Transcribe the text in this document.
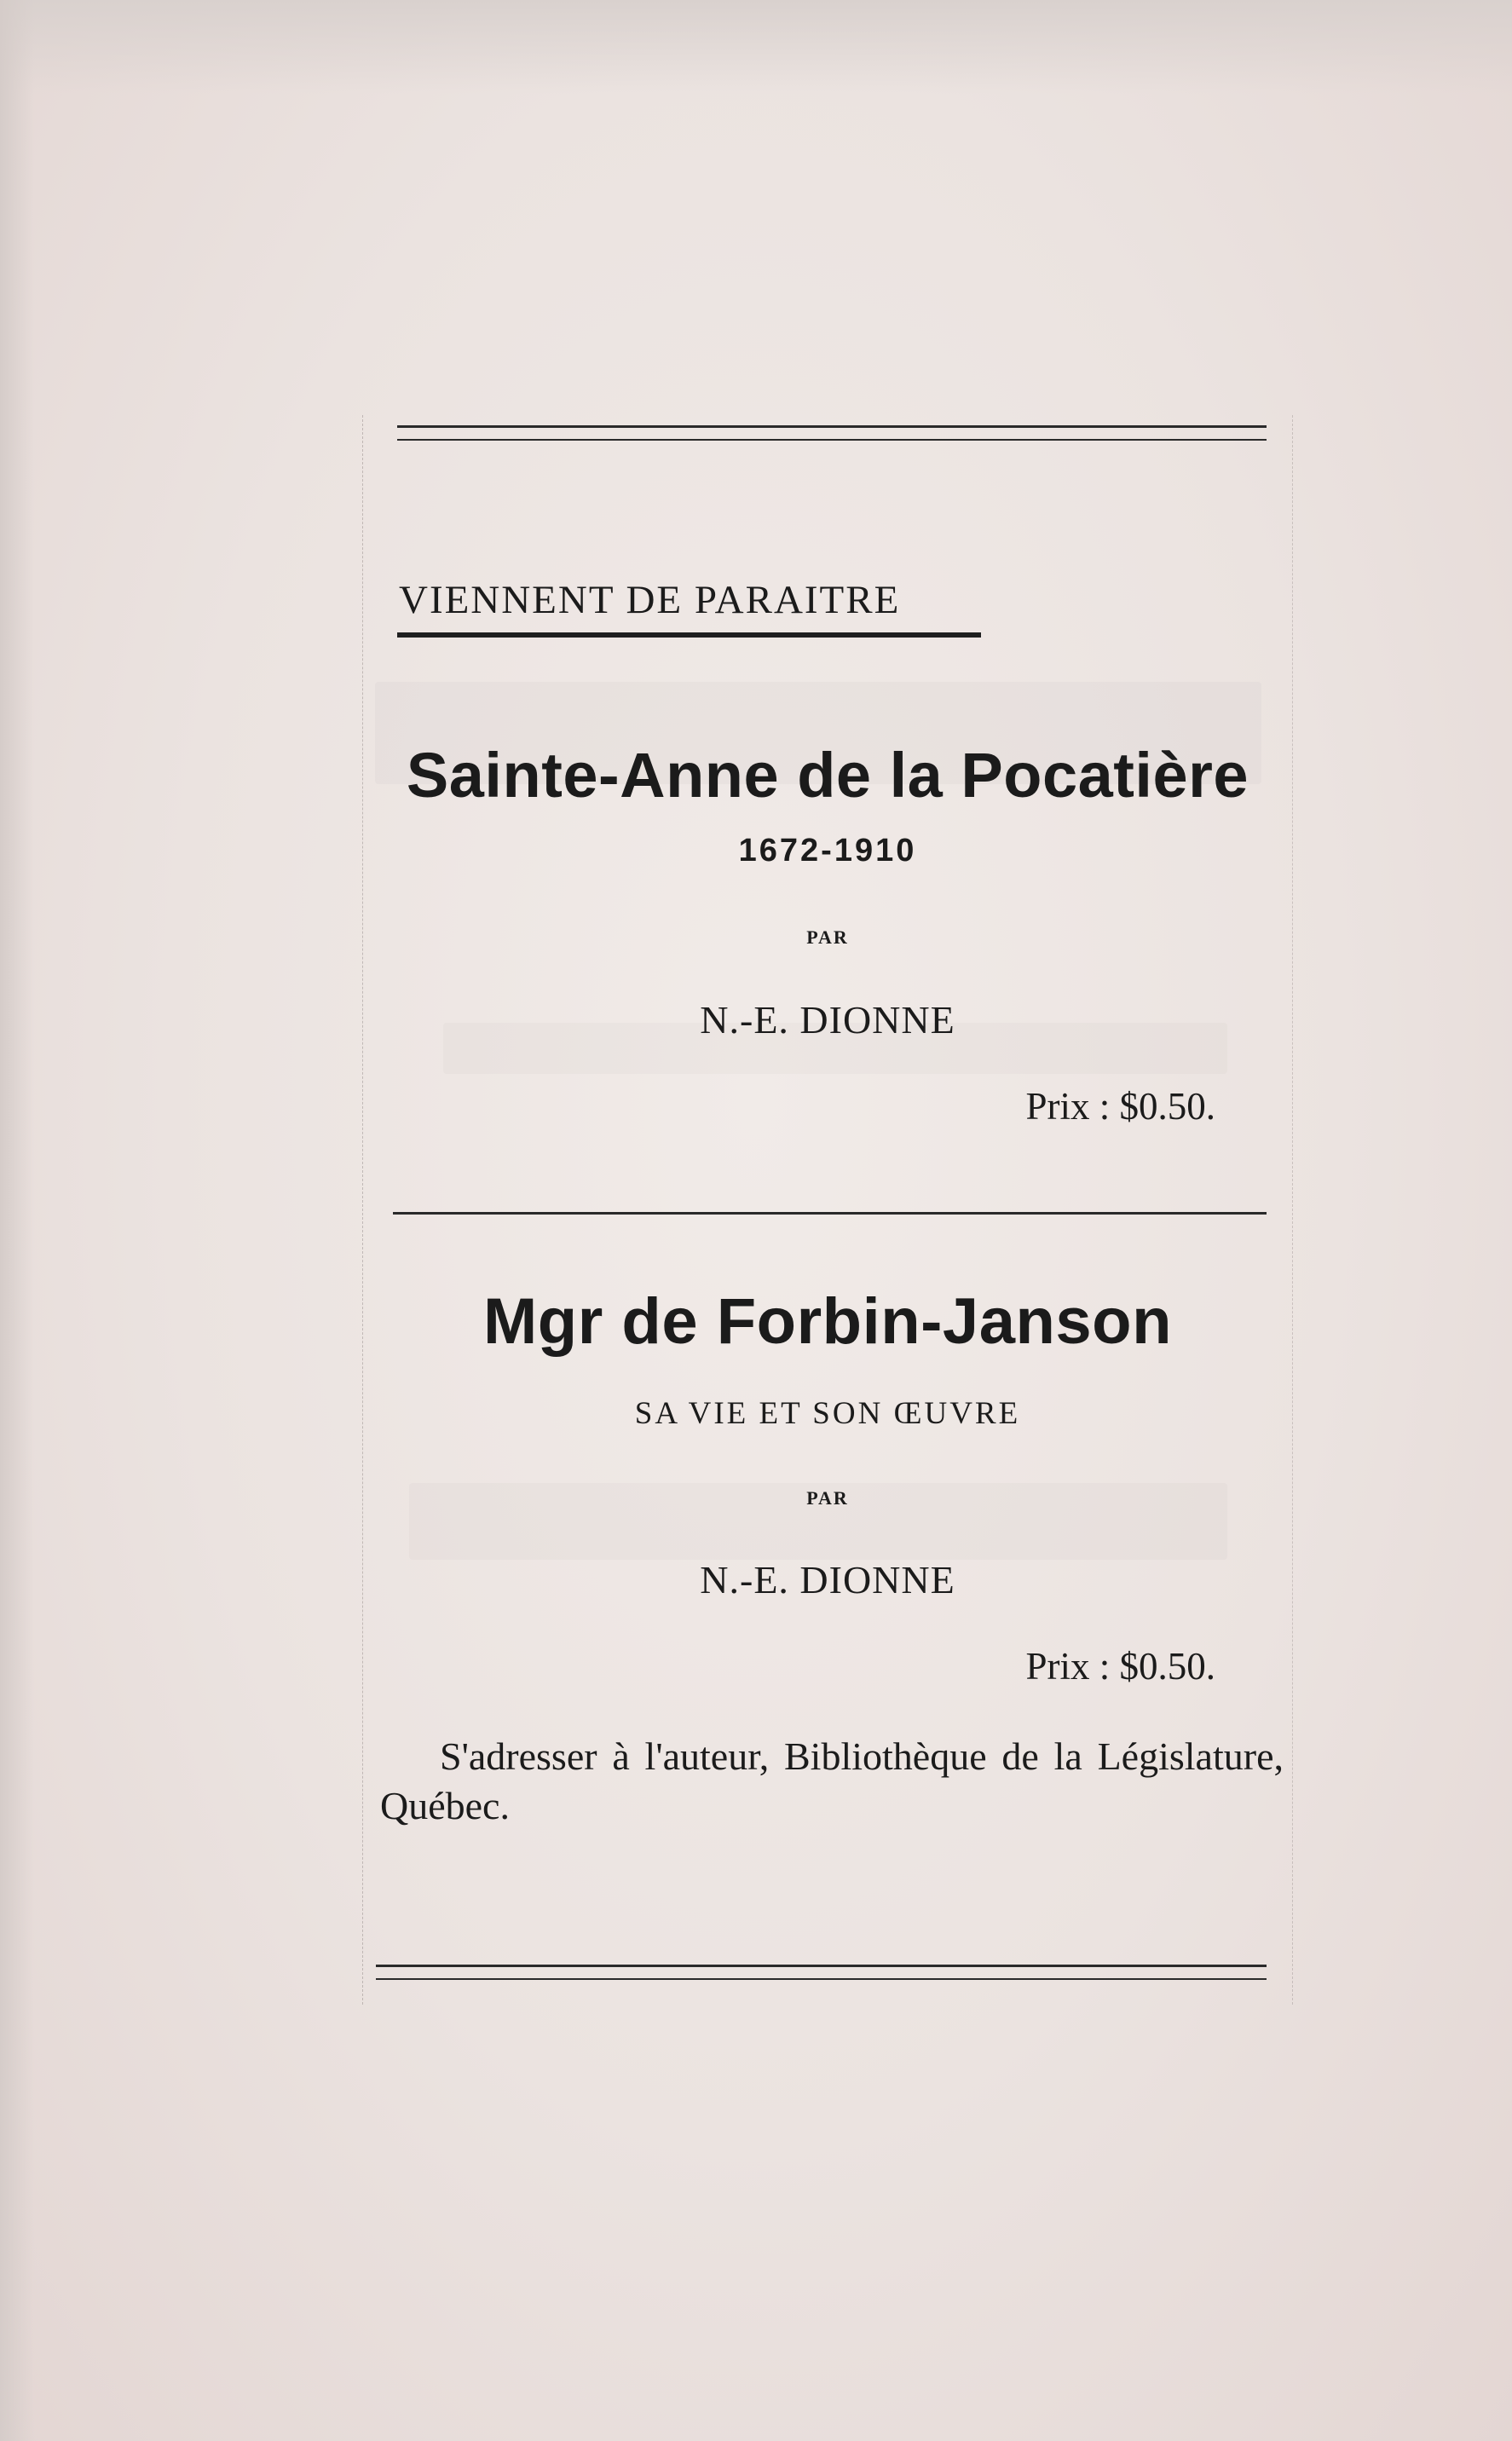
VIENNENT DE PARAITRE
Sainte-Anne de la Pocatière
1672-1910
PAR
N.-E. DIONNE
Prix : $0.50.
Mgr de Forbin-Janson
SA VIE ET SON ŒUVRE
PAR
N.-E. DIONNE
Prix : $0.50.
S'adresser à l'auteur, Bibliothèque de la Législature, Québec.
